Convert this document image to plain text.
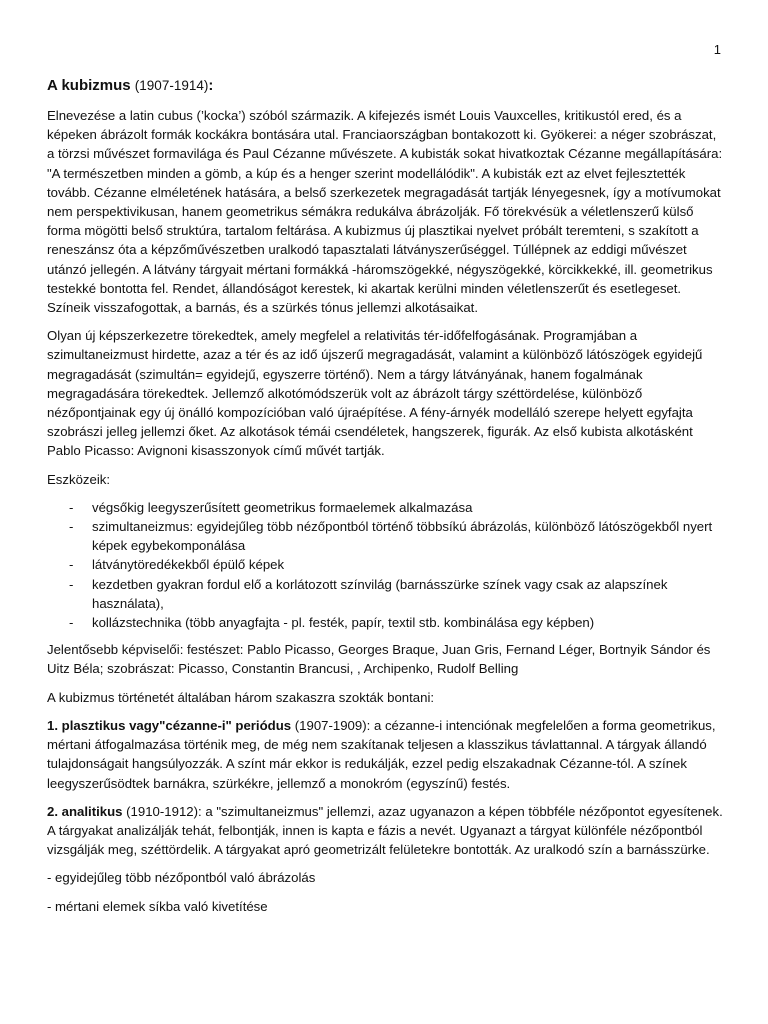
1
A kubizmus (1907-1914):

Elnevezése a latin cubus (’kocka’) szóból származik. A kifejezés ismét Louis Vauxcelles, kritikustól ered, és a képeken ábrázolt formák kockákra bontására utal. Franciaországban bontakozott ki. Gyökerei: a néger szobrászat, a törzsi művészet formavilága és Paul Cézanne művészete. A kubisták sokat hivatkoztak Cézanne megállapítására: "A természetben minden a gömb, a kúp és a henger szerint modellálódik". A kubisták ezt az elvet fejlesztették tovább. Cézanne elméletének hatására, a belső szerkezetek megragadását tartják lényegesnek, így a motívumokat nem perspektivikusan, hanem geometrikus sémákra redukálva ábrázolják. Fő törekvésük a véletlenszerű külső forma mögötti belső struktúra, tartalom feltárása. A kubizmus új plasztikai nyelvet próbált teremteni, s szakított a reneszánsz óta a képzőművészetben uralkodó tapasztalati látványszerűséggel. Túllépnek az eddigi művészet utánzó jellegén. A látvány tárgyait mértani formákká -háromszögekké, négyszögekké, körcikkekké, ill. geometrikus testekké bontotta fel. Rendet, állandóságot kerestek, ki akartak kerülni minden véletlenszerűt és esetlegeset. Színeik visszafogottak, a barnás, és a szürkés tónus jellemzi alkotásaikat.

Olyan új képszerkezetre törekedtek, amely megfelel a relativitás tér-időfelfogásának. Programjában a szimultaneizmust hirdette, azaz a tér és az idő újszerű megragadását, valamint a különböző látószögek egyidejű megragadását (szimultán= egyidejű, egyszerre történő). Nem a tárgy látványának, hanem fogalmának megragadására törekedtek. Jellemző alkotómódszerük volt az ábrázolt tárgy széttördelése, különböző nézőpontjainak egy új önálló kompozícióban való újraépítése. A fény-árnyék modelláló szerepe helyett egyfajta szobrászi jelleg jellemzi őket. Az alkotások témái csendéletek, hangszerek, figurák. Az első kubista alkotásként Pablo Picasso: Avignoni kisasszonyok című művét tartják.

Eszközeik:

- végsőkig leegyszerűsített geometrikus formaelemek alkalmazása
- szimultaneizmus: egyidejűleg több nézőpontból történő többsíkú ábrázolás, különböző látószögekből nyert képek egybekomponálása
- látványtöredékekből épülő képek
- kezdetben gyakran fordul elő a korlátozott színvilág (barnásszürke színek vagy csak az alapszínek használata),
- kollázstechnika (több anyagfajta - pl. festék, papír, textil stb. kombinálása egy képben)

Jelentősebb képviselői: festészet: Pablo Picasso, Georges Braque, Juan Gris, Fernand Léger, Bortnyik Sándor és Uitz Béla; szobrászat: Picasso, Constantin Brancusi, , Archipenko, Rudolf Belling

A kubizmus történetét általában három szakaszra szokták bontani:

1. plasztikus vagy"cézanne-i" periódus (1907-1909): a cézanne-i intenciónak megfelelően a forma geometrikus, mértani átfogalmazása történik meg, de még nem szakítanak teljesen a klasszikus távlattannal. A tárgyak állandó tulajdonságait hangsúlyozzák. A színt már ekkor is redukálják, ezzel pedig elszakadnak Cézanne-tól. A színek leegyszerűsödtek barnákra, szürkékre, jellemző a monokróm (egyszínű) festés.

2. analitikus (1910-1912): a "szimultaneizmus" jellemzi, azaz ugyanazon a képen többféle nézőpontot egyesítenek. A tárgyakat analizálják tehát, felbontják, innen is kapta e fázis a nevét. Ugyanazt a tárgyat különféle nézőpontból vizsgálják meg, széttördelik. A tárgyakat apró geometrizált felületekre bontották. Az uralkodó szín a barnásszürke.

- egyidejűleg több nézőpontból való ábrázolás

- mértani elemek síkba való kivetítése
